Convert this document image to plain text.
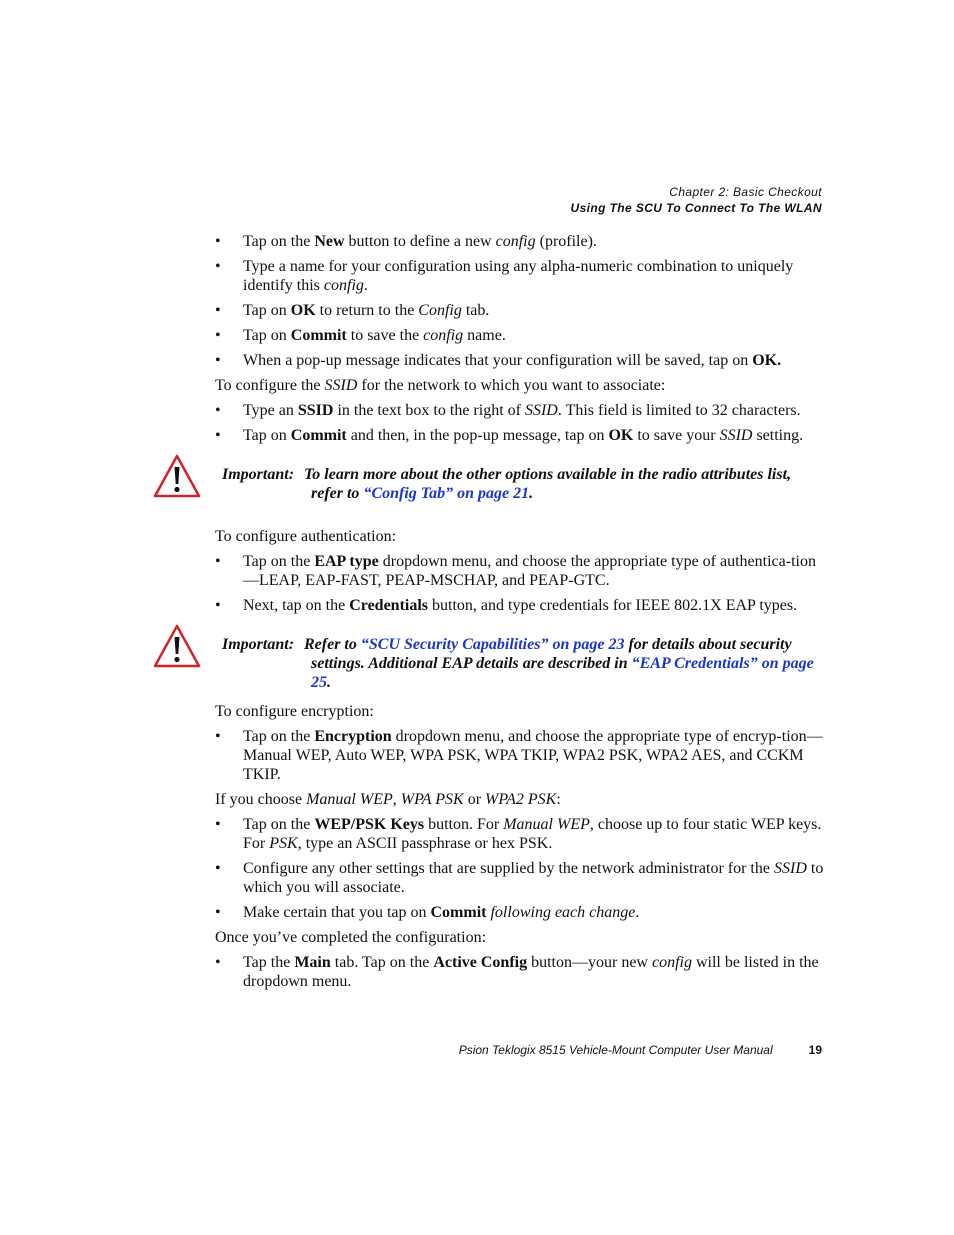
Chapter 2: Basic Checkout
Using The SCU To Connect To The WLAN
• Tap on the New button to define a new config (profile).
• Type a name for your configuration using any alpha-numeric combination to uniquely identify this config.
• Tap on OK to return to the Config tab.
• Tap on Commit to save the config name.
• When a pop-up message indicates that your configuration will be saved, tap on OK.
To configure the SSID for the network to which you want to associate:
• Type an SSID in the text box to the right of SSID. This field is limited to 32 characters.
• Tap on Commit and then, in the pop-up message, tap on OK to save your SSID setting.
Important: To learn more about the other options available in the radio attributes list,
refer to “Config Tab” on page 21.
To configure authentication:
• Tap on the EAP type dropdown menu, and choose the appropriate type of authentica-tion —LEAP, EAP-FAST, PEAP-MSCHAP, and PEAP-GTC.
• Next, tap on the Credentials button, and type credentials for IEEE 802.1X EAP types.
Important: Refer to “SCU Security Capabilities” on page 23 for details about security
settings. Additional EAP details are described in “EAP Credentials” on page 25.
To configure encryption:
• Tap on the Encryption dropdown menu, and choose the appropriate type of encryp-tion—Manual WEP, Auto WEP, WPA PSK, WPA TKIP, WPA2 PSK, WPA2 AES, and CCKM TKIP.
If you choose Manual WEP, WPA PSK or WPA2 PSK:
• Tap on the WEP/PSK Keys button. For Manual WEP, choose up to four static WEP keys. For PSK, type an ASCII passphrase or hex PSK.
• Configure any other settings that are supplied by the network administrator for the SSID to which you will associate.
• Make certain that you tap on Commit following each change.
Once you’ve completed the configuration:
• Tap the Main tab. Tap on the Active Config button—your new config will be listed in the dropdown menu.
Psion Teklogix 8515 Vehicle-Mount Computer User Manual	19
